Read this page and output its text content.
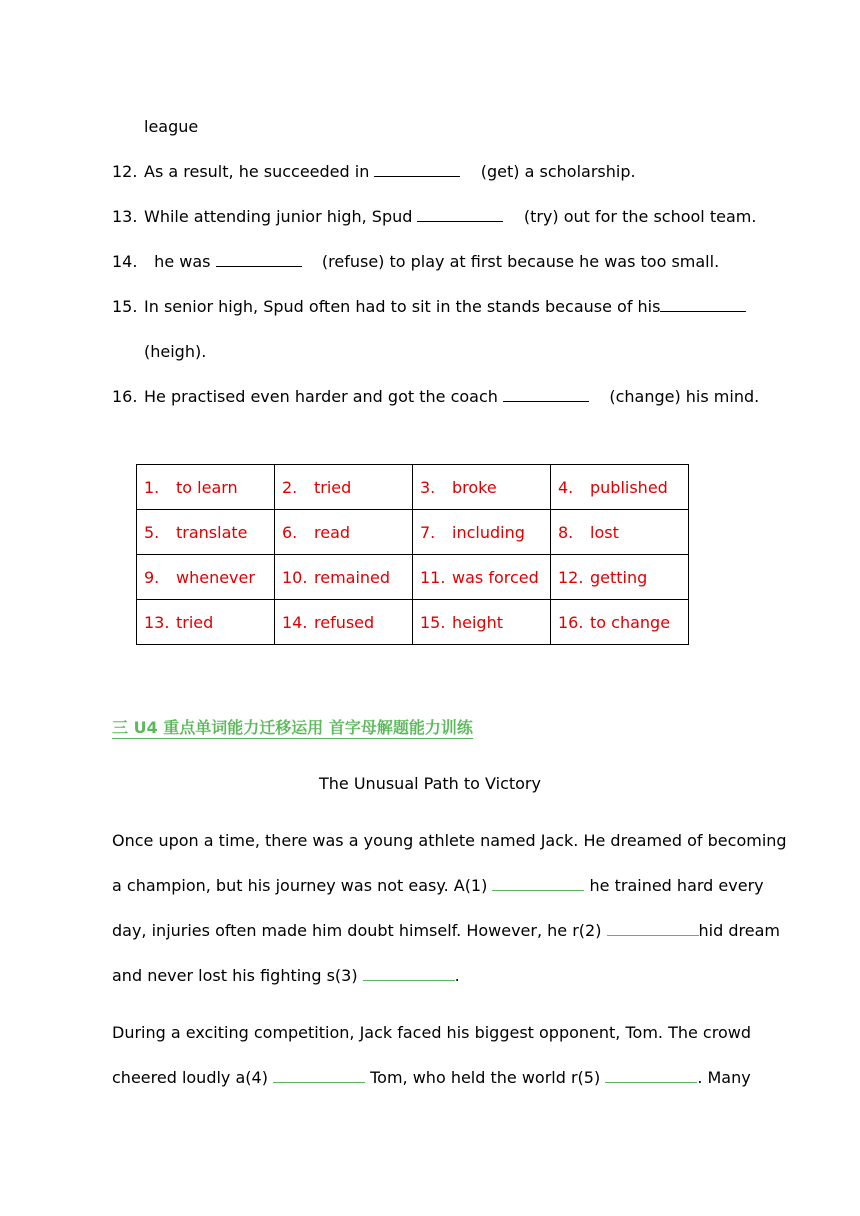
league
12. As a result, he succeeded in	(get) a scholarship.
13. While attending junior high, Spud	(try) out for the school team.
14.  he was	(refuse) to play at first because he was too small.
15. In senior high, Spud often had to sit in the stands because of his
(heigh).
16. He practised even harder and got the coach	(change) his mind.
1. to learn	2. tried	3. broke	4. published
5. translate	6. read	7. including	8. lost
9. whenever	10. remained	11. was forced	12. getting
13. tried	14. refused	15. height	16. to change
三 U4 重点单词能力迁移运用 首字母解题能力训练
The Unusual Path to Victory
Once upon a time, there was a young athlete named Jack. He dreamed of becoming
a champion, but his journey was not easy. A(1)	he trained hard every
day, injuries often made him doubt himself. However, he r(2)	hid dream
and never lost his fighting s(3)	.
During a exciting competition, Jack faced his biggest opponent, Tom. The crowd
cheered loudly a(4)	Tom, who held the world r(5)	. Many
